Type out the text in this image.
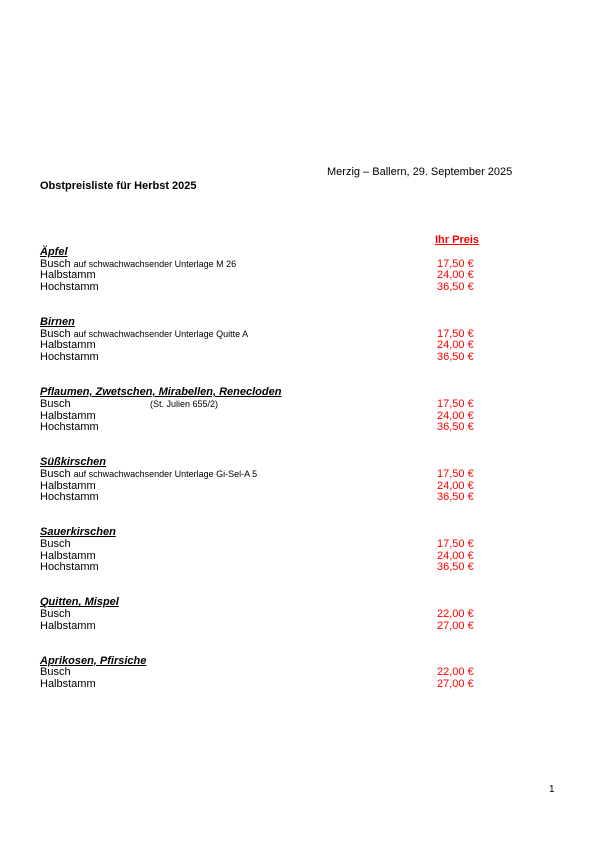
Merzig – Ballern, 29. September 2025
Obstpreisliste für Herbst 2025
Ihr Preis
Äpfel
Busch auf schwachwachsender Unterlage M 26	17,50 €
Halbstamm	24,00 €
Hochstamm	36,50 €
Birnen
Busch auf schwachwachsender Unterlage Quitte A	17,50 €
Halbstamm	24,00 €
Hochstamm	36,50 €
Pflaumen, Zwetschen, Mirabellen, Renecloden
Busch	(St. Julien 655/2)	17,50 €
Halbstamm	24,00 €
Hochstamm	36,50 €
Süßkirschen
Busch auf schwachwachsender Unterlage Gi-Sel-A 5	17,50 €
Halbstamm	24,00 €
Hochstamm	36,50 €
Sauerkirschen
Busch	17,50 €
Halbstamm	24,00 €
Hochstamm	36,50 €
Quitten, Mispel
Busch	22,00 €
Halbstamm	27,00 €
Aprikosen, Pfirsiche
Busch	22,00 €
Halbstamm	27,00 €
1
